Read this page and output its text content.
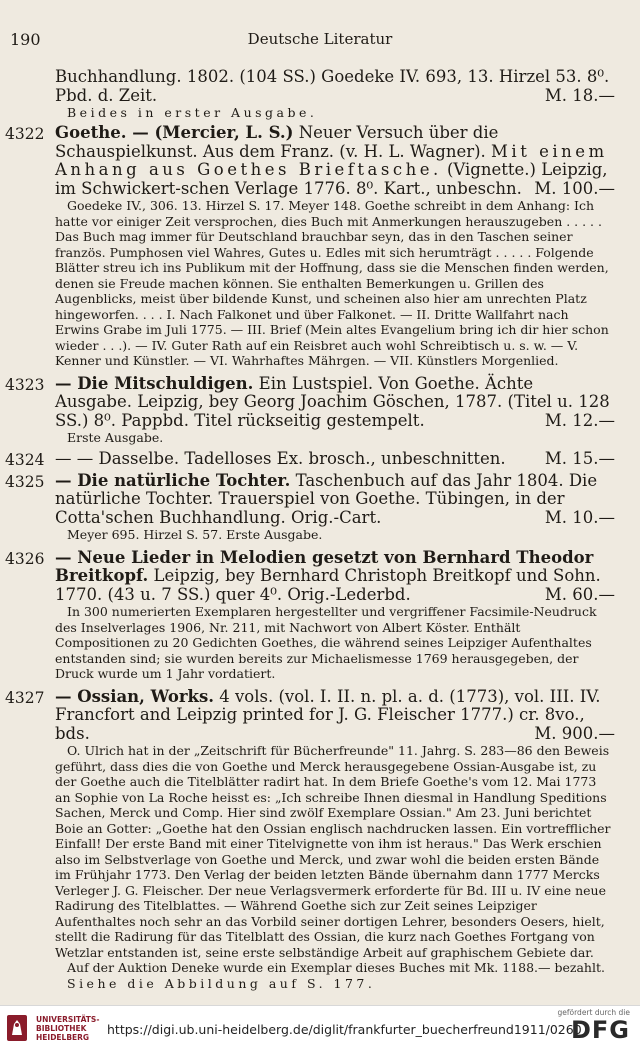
190	Deutsche Literatur
Buchhandlung. 1802. (104 SS.) Goedeke IV. 693, 13. Hirzel 53. 8⁰.
Pbd. d. Zeit.	M. 18.—
Beides in erster Ausgabe.
4322 Goethe. — (Mercier, L. S.) Neuer Versuch über die Schauspielkunst. Aus dem Franz. (v. H. L. Wagner). Mit einem Anhang aus Goethes Brieftasche. (Vignette.) Leipzig, im Schwickert-schen Verlage 1776. 8⁰. Kart., unbeschn. M. 100.—
Goedeke IV., 306. 13. Hirzel S. 17. Meyer 148. Goethe schreibt in dem Anhang: Ich hatte vor einiger Zeit versprochen, dies Buch mit Anmerkungen herauszugeben . . . . . Das Buch mag immer für Deutschland brauchbar seyn, das in den Taschen seiner französ. Pumphosen viel Wahres, Gutes u. Edles mit sich herumträgt . . . . . Folgende Blätter streu ich ins Publikum mit der Hoffnung, dass sie die Menschen finden werden, denen sie Freude machen können. Sie enthalten Bemerkungen u. Grillen des Augenblicks, meist über bildende Kunst, und scheinen also hier am unrechten Platz hingeworfen. . . . I. Nach Falkonet und über Falkonet. — II. Dritte Wallfahrt nach Erwins Grabe im Juli 1775. — III. Brief (Mein altes Evangelium bring ich dir hier schon wieder . . .). — IV. Guter Rath auf ein Reisbret auch wohl Schreibtisch u. s. w. — V. Kenner und Künstler. — VI. Wahrhaftes Mährgen. — VII. Künstlers Morgenlied.
4323 — Die Mitschuldigen. Ein Lustspiel. Von Goethe. Ächte Ausgabe. Leipzig, bey Georg Joachim Göschen, 1787. (Titel u. 128 SS.) 8⁰. Pappbd. Titel rückseitig gestempelt.	M. 12.—
Erste Ausgabe.
4324 — — Dasselbe. Tadelloses Ex. brosch., unbeschnitten. M. 15.—
4325 — Die natürliche Tochter. Taschenbuch auf das Jahr 1804. Die natürliche Tochter. Trauerspiel von Goethe. Tübingen, in der Cotta'schen Buchhandlung. Orig.-Cart.	M. 10.—
Meyer 695. Hirzel S. 57. Erste Ausgabe.
4326 — Neue Lieder in Melodien gesetzt von Bernhard Theodor Breitkopf. Leipzig, bey Bernhard Christoph Breitkopf und Sohn. 1770. (43 u. 7 SS.) quer 4⁰. Orig.-Lederbd.	M. 60.—
In 300 numerierten Exemplaren hergestellter und vergriffener Facsimile-Neudruck des Inselverlages 1906, Nr. 211, mit Nachwort von Albert Köster. Enthält Compositionen zu 20 Gedichten Goethes, die während seines Leipziger Aufenthaltes entstanden sind; sie wurden bereits zur Michaelismesse 1769 herausgegeben, der Druck wurde um 1 Jahr vordatiert.
4327 — Ossian, Works. 4 vols. (vol. I. II. n. pl. a. d. (1773), vol. III. IV. Francfort and Leipzig printed for J. G. Fleischer 1777.) cr. 8vo., bds.	M. 900.—
O. Ulrich hat in der „Zeitschrift für Bücherfreunde" 11. Jahrg. S. 283—86 den Beweis geführt, dass dies die von Goethe und Merck herausgegebene Ossian-Ausgabe ist, zu der Goethe auch die Titelblätter radirt hat. In dem Briefe Goethe's vom 12. Mai 1773 an Sophie von La Roche heisst es: „Ich schreibe Ihnen diesmal in Handlung Speditions Sachen, Merck und Comp. Hier sind zwölf Exemplare Ossian." Am 23. Juni berichtet Boie an Gotter: „Goethe hat den Ossian englisch nachdrucken lassen. Ein vortrefflicher Einfall! Der erste Band mit einer Titelvignette von ihm ist heraus." Das Werk erschien also im Selbstverlage von Goethe und Merck, und zwar wohl die beiden ersten Bände im Frühjahr 1773. Den Verlag der beiden letzten Bände übernahm dann 1777 Mercks Verleger J. G. Fleischer. Der neue Verlagsvermerk erforderte für Bd. III u. IV eine neue Radirung des Titelblattes. — Während Goethe sich zur Zeit seines Leipziger Aufenthaltes noch sehr an das Vorbild seiner dortigen Lehrer, besonders Oesers, hielt, stellt die Radirung für das Titelblatt des Ossian, die kurz nach Goethes Fortgang von Wetzlar entstanden ist, seine erste selbständige Arbeit auf graphischem Gebiete dar.
Auf der Auktion Deneke wurde ein Exemplar dieses Buches mit Mk. 1188.— bezahlt.
Siehe die Abbildung auf S. 177.
UNIVERSITÄTS-
BIBLIOTHEK
HEIDELBERG	https://digi.ub.uni-heidelberg.de/diglit/frankfurter_buecherfreund1911/0260
gefördert durch die
DFG
